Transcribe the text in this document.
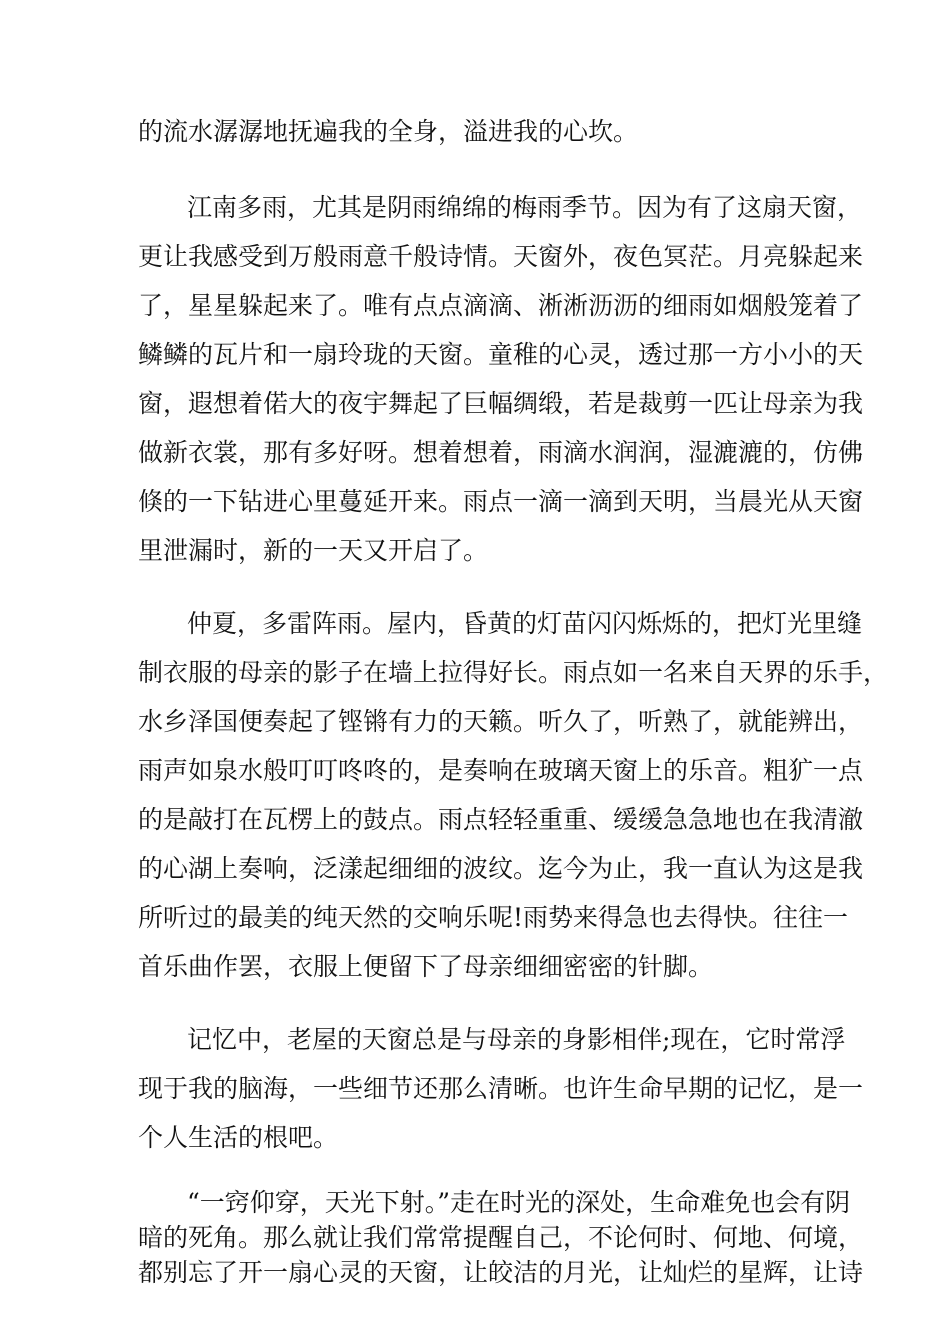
的流水潺潺地抚遍我的全身，溢进我的心坎。

江南多雨，尤其是阴雨绵绵的梅雨季节。因为有了这扇天窗，

更让我感受到万般雨意千般诗情。天窗外，夜色冥茫。月亮躲起来

了，星星躲起来了。唯有点点滴滴、淅淅沥沥的细雨如烟般笼着了

鳞鳞的瓦片和一扇玲珑的天窗。童稚的心灵，透过那一方小小的天

窗，遐想着偌大的夜宇舞起了巨幅绸缎，若是裁剪一匹让母亲为我

做新衣裳，那有多好呀。想着想着，雨滴水润润，湿漉漉的，仿佛

倏的一下钻进心里蔓延开来。雨点一滴一滴到天明，当晨光从天窗

里泄漏时，新的一天又开启了。

仲夏，多雷阵雨。屋内，昏黄的灯苗闪闪烁烁的，把灯光里缝

制衣服的母亲的影子在墙上拉得好长。雨点如一名来自天界的乐手，

水乡泽国便奏起了铿锵有力的天籁。听久了，听熟了，就能辨出，

雨声如泉水般叮叮咚咚的，是奏响在玻璃天窗上的乐音。粗犷一点

的是敲打在瓦楞上的鼓点。雨点轻轻重重、缓缓急急地也在我清澈

的心湖上奏响，泛漾起细细的波纹。迄今为止，我一直认为这是我

所听过的最美的纯天然的交响乐呢!雨势来得急也去得快。往往一

首乐曲作罢，衣服上便留下了母亲细细密密的针脚。

记忆中，老屋的天窗总是与母亲的身影相伴;现在，它时常浮

现于我的脑海，一些细节还那么清晰。也许生命早期的记忆，是一

个人生活的根吧。

“一窍仰穿，天光下射。”走在时光的深处，生命难免也会有阴

暗的死角。那么就让我们常常提醒自己，不论何时、何地、何境，

都别忘了开一扇心灵的天窗，让皎洁的月光，让灿烂的星辉，让诗
